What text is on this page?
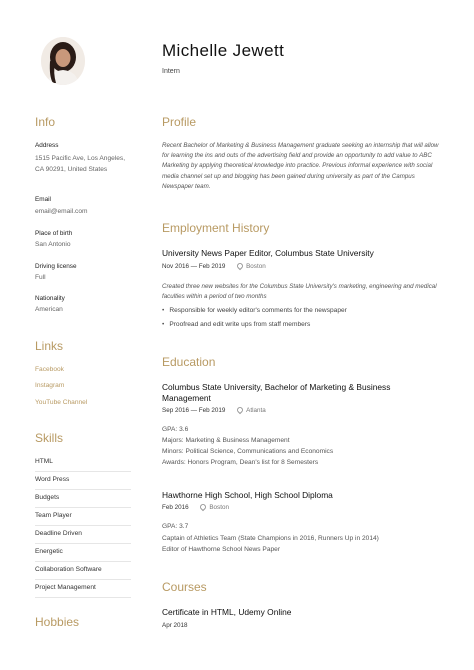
Michelle Jewett
Intern
Info
Address
1515 Pacific Ave, Los Angeles, CA 90291, United States
Email
email@email.com
Place of birth
San Antonio
Driving license
Full
Nationality
American
Links
Facebook
Instagram
YouTube Channel
Skills
HTML
Word Press
Budgets
Team Player
Deadline Driven
Energetic
Collaboration Software
Project Management
Hobbies
Profile

Recent Bachelor of Marketing & Business Management graduate seeking an internship that will allow for learning the ins and outs of the advertising field and provide an opportunity to add value to ABC Marketing by applying theoretical knowledge into practice. Previous informal experience with social media channel set up and blogging has been gained during university as part of the Campus Newspaper team.

Employment History
University News Paper Editor, Columbus State University
Nov 2016 — Feb 2019	Boston

Created three new websites for the Columbus State University's marketing, engineering and medical faculties within a period of two months

• Responsible for weekly editor's comments for the newspaper
• Proofread and edit write ups from staff members
Education
Columbus State University, Bachelor of Marketing & Business Management
Sep 2016 — Feb 2019	Atlanta
GPA: 3.6
Majors: Marketing & Business Management
Minors: Political Science, Communications and Economics
Awards: Honors Program, Dean's list for 8 Semesters
Hawthorne High School, High School Diploma
Feb 2016	Boston
GPA: 3.7
Captain of Athletics Team (State Champions in 2016, Runners Up in 2014)
Editor of Hawthorne School News Paper
Courses
Certificate in HTML, Udemy Online
Apr 2018
